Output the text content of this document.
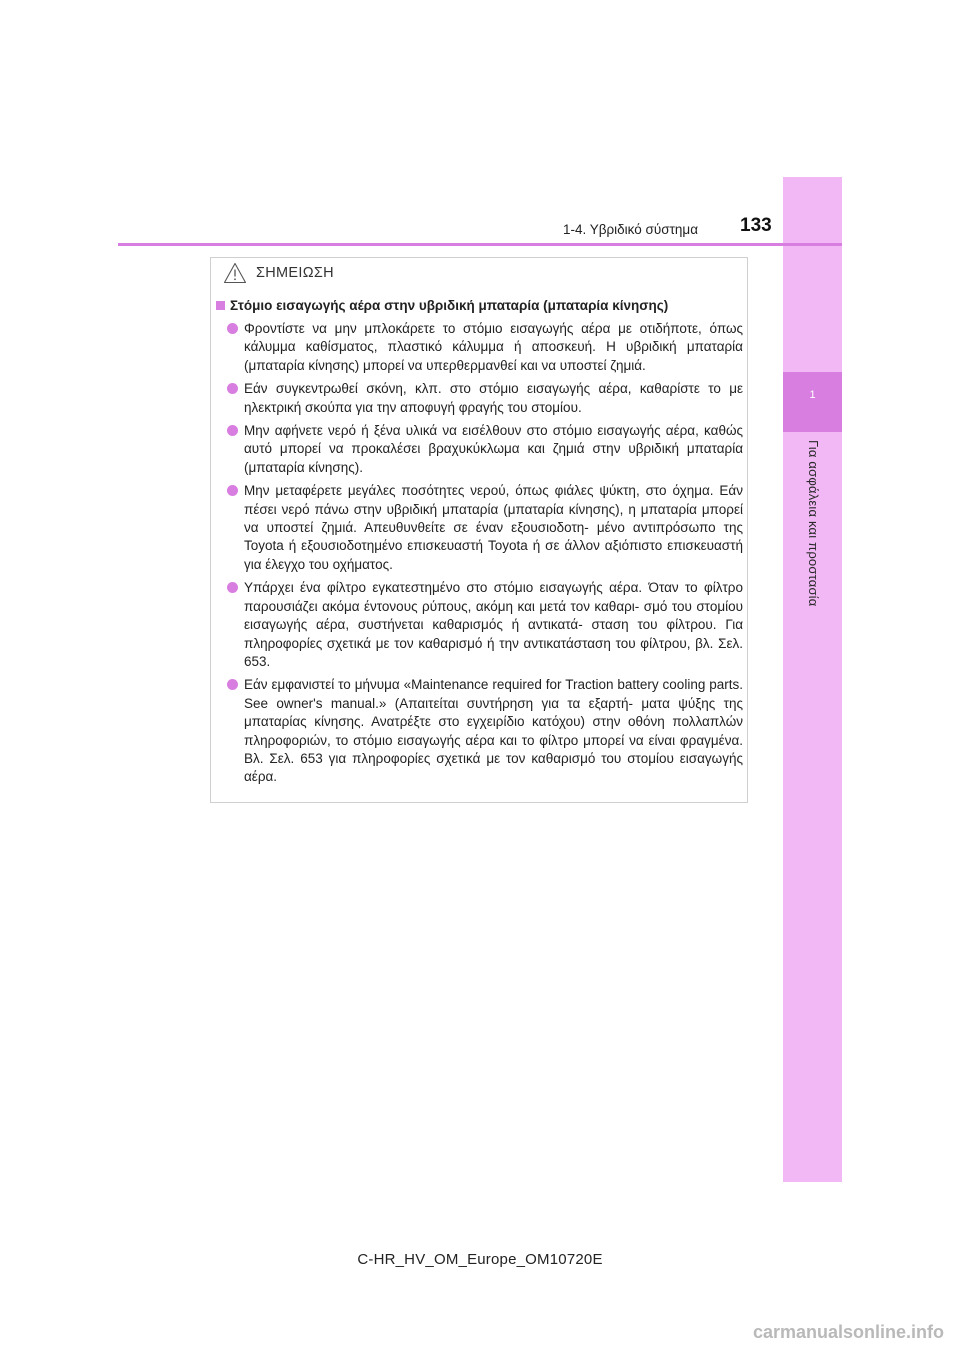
1
Για ασφάλεια και προστασία
1-4. Υβριδικό σύστημα 133
ΣΗΜΕΙΩΣΗ
Στόμιο εισαγωγής αέρα στην υβριδική μπαταρία (μπαταρία κίνησης)
Φροντίστε να μην μπλοκάρετε το στόμιο εισαγωγής αέρα με οτιδήποτε, όπως κάλυμμα καθίσματος, πλαστικό κάλυμμα ή αποσκευή. Η υβριδική μπαταρία (μπαταρία κίνησης) μπορεί να υπερθερμανθεί και να υποστεί ζημιά.
Εάν συγκεντρωθεί σκόνη, κλπ. στο στόμιο εισαγωγής αέρα, καθαρίστε το με ηλεκτρική σκούπα για την αποφυγή φραγής του στομίου.
Μην αφήνετε νερό ή ξένα υλικά να εισέλθουν στο στόμιο εισαγωγής αέρα, καθώς αυτό μπορεί να προκαλέσει βραχυκύκλωμα και ζημιά στην υβριδική μπαταρία (μπαταρία κίνησης).
Μην μεταφέρετε μεγάλες ποσότητες νερού, όπως φιάλες ψύκτη, στο όχημα. Εάν πέσει νερό πάνω στην υβριδική μπαταρία (μπαταρία κίνησης), η μπαταρία μπορεί να υποστεί ζημιά. Απευθυνθείτε σε έναν εξουσιοδοτη- μένο αντιπρόσωπο της Toyota ή εξουσιοδοτημένο επισκευαστή Toyota ή σε άλλον αξιόπιστο επισκευαστή για έλεγχο του οχήματος.
Υπάρχει ένα φίλτρο εγκατεστημένο στο στόμιο εισαγωγής αέρα. Όταν το φίλτρο παρουσιάζει ακόμα έντονους ρύπους, ακόμη και μετά τον καθαρι- σμό του στομίου εισαγωγής αέρα, συστήνεται καθαρισμός ή αντικατά- σταση του φίλτρου. Για πληροφορίες σχετικά με τον καθαρισμό ή την αντικατάσταση του φίλτρου, βλ. Σελ. 653.
Εάν εμφανιστεί το μήνυμα «Maintenance required for Traction battery cooling parts. See owner's manual.» (Απαιτείται συντήρηση για τα εξαρτή- ματα ψύξης της μπαταρίας κίνησης. Ανατρέξτε στο εγχειρίδιο κατόχου) στην οθόνη πολλαπλών πληροφοριών, το στόμιο εισαγωγής αέρα και το φίλτρο μπορεί να είναι φραγμένα. Βλ. Σελ. 653 για πληροφορίες σχετικά με τον καθαρισμό του στομίου εισαγωγής αέρα.
C-HR_HV_OM_Europe_OM10720E
carmanualsonline.info
